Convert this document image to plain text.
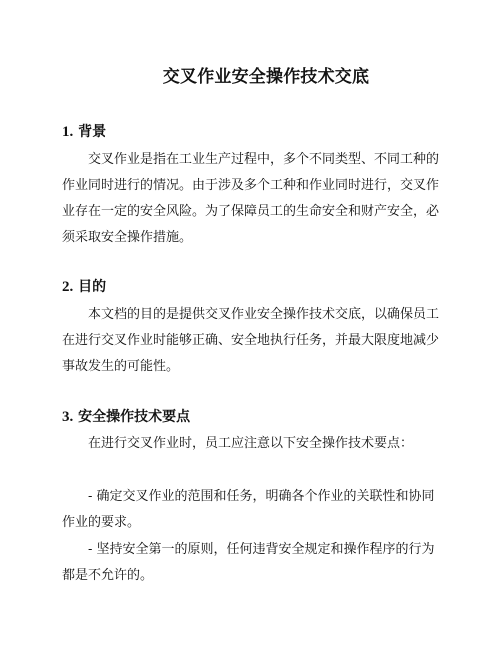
交叉作业安全操作技术交底
1. 背景
交叉作业是指在工业生产过程中，多个不同类型、不同工种的
作业同时进行的情况。由于涉及多个工种和作业同时进行，交叉作
业存在一定的安全风险。为了保障员工的生命安全和财产安全，必
须采取安全操作措施。
2. 目的
本文档的目的是提供交叉作业安全操作技术交底，以确保员工
在进行交叉作业时能够正确、安全地执行任务，并最大限度地减少
事故发生的可能性。
3. 安全操作技术要点
在进行交叉作业时，员工应注意以下安全操作技术要点：
- 确定交叉作业的范围和任务，明确各个作业的关联性和协同
作业的要求。
- 坚持安全第一的原则，任何违背安全规定和操作程序的行为
都是不允许的。
